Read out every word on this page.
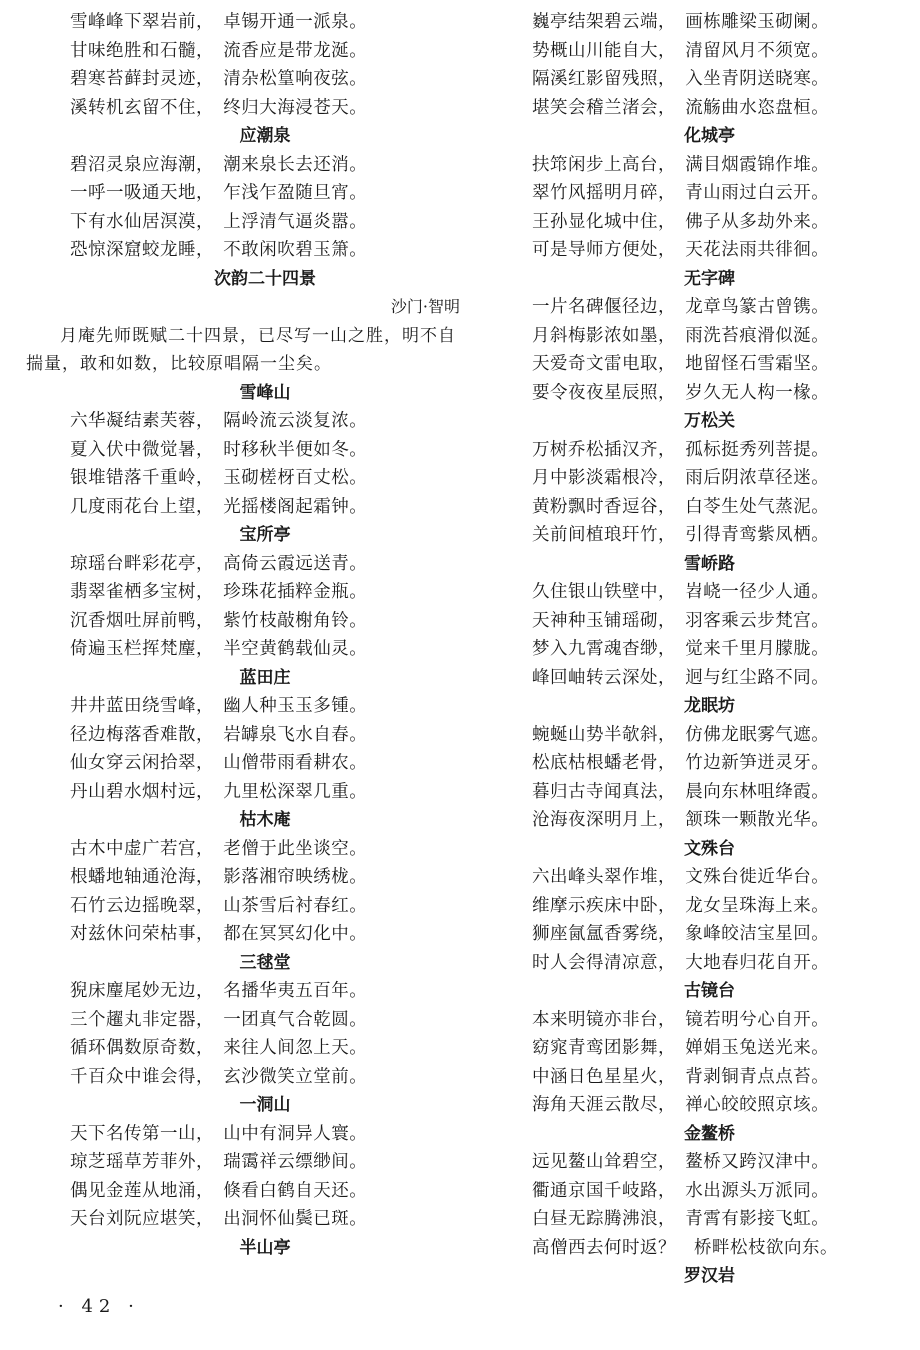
雪峰峰下翠岩前，　卓锡开通一派泉。
甘味绝胜和石髓，　流香应是带龙涎。
碧寒苔藓封灵迹，　清杂松篁响夜弦。
溪转机玄留不住，　终归大海浸苍天。
应潮泉
碧沼灵泉应海潮，　潮来泉长去还消。
一呼一吸通天地，　乍浅乍盈随旦宵。
下有水仙居溟漠，　上浮清气逼炎嚣。
恐惊深窟蛟龙睡，　不敢闲吹碧玉箫。
次韵二十四景
沙门·智明
月庵先师既赋二十四景，已尽写一山之胜，明不自揣量，敢和如数，比较原唱隔一尘矣。
雪峰山
六华凝结素芙蓉，　隔岭流云淡复浓。
夏入伏中微觉暑，　时移秋半便如冬。
银堆错落千重岭，　玉砌槎枒百丈松。
几度雨花台上望，　光摇楼阁起霜钟。
宝所亭
琼瑶台畔彩花亭，　高倚云霞远送青。
翡翠雀栖多宝树，　珍珠花插粹金瓶。
沉香烟吐屏前鸭，　紫竹枝敲榭角铃。
倚遍玉栏挥梵麈，　半空黄鹤载仙灵。
蓝田庄
井井蓝田绕雪峰，　幽人种玉玉多锺。
径边梅落香难散，　岩罅泉飞水自春。
仙女穿云闲拾翠，　山僧带雨看耕农。
丹山碧水烟村远，　九里松深翠几重。
枯木庵
古木中虚广若宫，　老僧于此坐谈空。
根蟠地轴通沧海，　影落湘帘映绣栊。
石竹云边摇晚翠，　山茶雪后衬春红。
对兹休问荣枯事，　都在冥冥幻化中。
三毬堂
猊床麈尾妙无边，　名播华夷五百年。
三个趯丸非定器，　一团真气合乾圆。
循环偶数原奇数，　来往人间忽上天。
千百众中谁会得，　玄沙微笑立堂前。
一洞山
天下名传第一山，　山中有洞异人寰。
琼芝瑶草芳菲外，　瑞霭祥云缥缈间。
偶见金莲从地涌，　倏看白鹤自天还。
天台刘阮应堪笑，　出洞怀仙鬓已斑。
半山亭
巍亭结架碧云端，　画栋雕梁玉砌阑。
势概山川能自大，　清留风月不须宽。
隔溪红影留残照，　入坐青阴送晓寒。
堪笑会稽兰渚会，　流觞曲水恣盘桓。
化城亭
扶筇闲步上高台，　满目烟霞锦作堆。
翠竹风摇明月碎，　青山雨过白云开。
王孙显化城中住，　佛子从多劫外来。
可是导师方便处，　天花法雨共徘徊。
无字碑
一片名碑偃径边，　龙章鸟篆古曾镌。
月斜梅影浓如墨，　雨洗苔痕滑似涎。
天爱奇文雷电取，　地留怪石雪霜坚。
要令夜夜星辰照，　岁久无人构一椽。
万松关
万树乔松插汉齐，　孤标挺秀列菩提。
月中影淡霜根冷，　雨后阴浓草径迷。
黄粉飘时香逗谷，　白苓生处气蒸泥。
关前间植琅玕竹，　引得青鸾紫凤栖。
雪峤路
久住银山铁壁中，　岧峣一径少人通。
天神种玉铺瑶砌，　羽客乘云步梵宫。
梦入九霄魂杳缈，　觉来千里月朦胧。
峰回岫转云深处，　迥与红尘路不同。
龙眠坊
蜿蜒山势半欹斜，　仿佛龙眠雾气遮。
松底枯根蟠老骨，　竹边新笋迸灵牙。
暮归古寺闻真法，　晨向东林咀绛霞。
沧海夜深明月上，　颔珠一颗散光华。
文殊台
六出峰头翠作堆，　文殊台徙近华台。
维摩示疾床中卧，　龙女呈珠海上来。
狮座氤氲香雾绕，　象峰皎洁宝星回。
时人会得清凉意，　大地春归花自开。
古镜台
本来明镜亦非台，　镜若明兮心自开。
窈窕青鸾团影舞，　婵娟玉兔送光来。
中涵日色星星火，　背剥铜青点点苔。
海角天涯云散尽，　禅心皎皎照京垓。
金鳌桥
远见鳌山耸碧空，　鳌桥又跨汉津中。
衢通京国千岐路，　水出源头万派同。
白昼无踪腾沸浪，　青霄有影接飞虹。
高僧西去何时返？　桥畔松枝欲向东。
罗汉岩
· 42 ·
